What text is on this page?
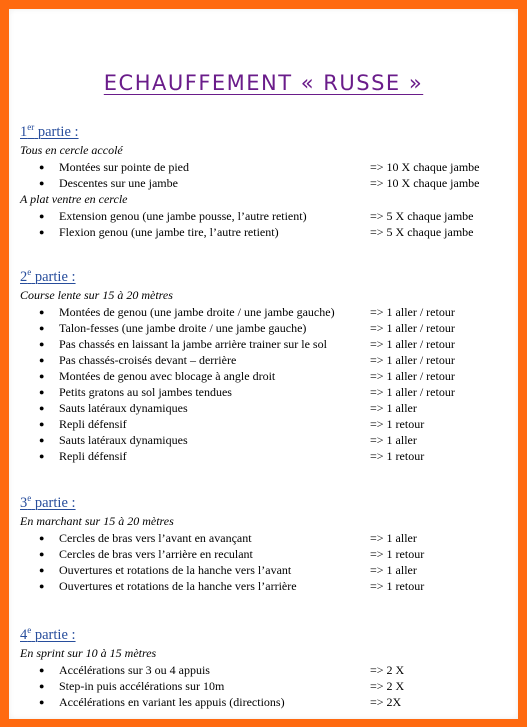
ECHAUFFEMENT « RUSSE »
1er partie :
Tous en cercle accolé
● Montées sur pointe de pied	=> 10 X chaque jambe
● Descentes sur une jambe	=> 10 X chaque jambe
A plat ventre en cercle
● Extension genou (une jambe pousse, l’autre retient)	=> 5 X chaque jambe
● Flexion genou (une jambe tire, l’autre retient)	=> 5 X chaque jambe
2e partie :
Course lente sur 15 à 20 mètres
● Montées de genou (une jambe droite / une jambe gauche)	=> 1 aller / retour
● Talon-fesses (une jambe droite / une jambe gauche)	=> 1 aller / retour
● Pas chassés en laissant la jambe arrière trainer sur le sol	=> 1 aller / retour
● Pas chassés-croisés devant – derrière	=> 1 aller / retour
● Montées de genou avec blocage à angle droit	=> 1 aller / retour
● Petits gratons au sol jambes tendues	=> 1 aller / retour
● Sauts latéraux dynamiques	=> 1 aller
● Repli défensif	=> 1 retour
● Sauts latéraux dynamiques	=> 1 aller
● Repli défensif	=> 1 retour
3e partie :
En marchant sur 15 à 20 mètres
● Cercles de bras vers l’avant en avançant	=> 1 aller
● Cercles de bras vers l’arrière en reculant	=> 1 retour
● Ouvertures et rotations de la hanche vers l’avant	=> 1 aller
● Ouvertures et rotations de la hanche vers l’arrière	=> 1 retour
4e partie :
En sprint sur 10 à 15 mètres
● Accélérations sur 3 ou 4 appuis	=> 2 X
● Step-in puis accélérations sur 10m	=> 2 X
● Accélérations en variant les appuis (directions)	=> 2X
